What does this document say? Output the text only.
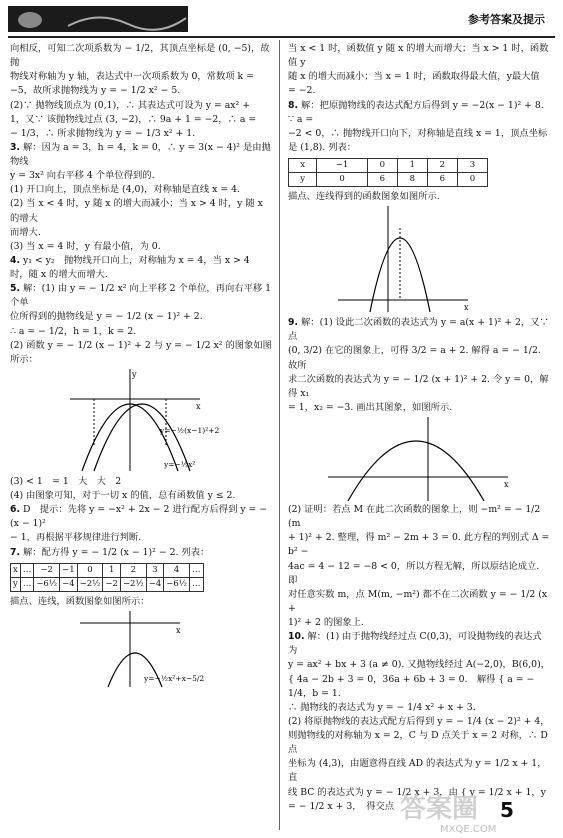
参考答案及提示

向相反，可知二次项系数为 − 1/2，其顶点坐标是 (0, −5)，故抛

物线对称轴为 y 轴，表达式中一次项系数为 0，常数项 k =

−5，故所求抛物线为 y = − 1/2 x² − 5.

(2)∵ 抛物线顶点为 (0,1)，∴ 其表达式可设为 y = ax² +

1，又∵ 该抛物线过点 (3, −2)，∴ 9a + 1 = −2，∴ a =

− 1/3，∴ 所求抛物线为 y = − 1/3 x² + 1.

3. 解：因为 a = 3，h = 4，k = 0，∴ y = 3(x − 4)² 是由抛物线

y = 3x² 向右平移 4 个单位得到的.

(1) 开口向上，顶点坐标是 (4,0)，对称轴是直线 x = 4.

(2) 当 x < 4 时，y 随 x 的增大而减小；当 x > 4 时，y 随 x 的增大

而增大.

(3) 当 x = 4 时，y 有最小值，为 0.

4. y₁ < y₂　抛物线开口向上，对称轴为 x = 4，当 x > 4

时，随 x 的增大而增大.

5. 解：(1) 由 y = − 1/2 x² 向上平移 2 个单位，再向右平移 1 个单

位所得到的抛物线是 y = − 1/2 (x − 1)² + 2.

∴ a = − 1/2，h = 1，k = 2.

(2) 函数 y = − 1/2 (x − 1)² + 2 与 y = − 1/2 x² 的图象如图

所示：

y
x
y=−½(x−1)²+2
y=−½x²

(3) < 1　= 1　大　大　2

(4) 由图象可知，对于一切 x 的值，总有函数值 y ≤ 2.

6. D　提示：先将 y = −x² + 2x − 2 进行配方后得到 y = −(x − 1)²

− 1，再根据平移规律进行判断.

7. 解：配方得 y = − 1/2 (x − 1)² − 2. 列表：

x	…	−2	−1	0	1	2	3	4	…
y	…	−6½	−4	−2½	−2	−2½	−4	−6½	…

描点、连线，函数图象如图所示：

x
y=−½x²+x−5/2

当 x < 1 时，函数值 y 随 x 的增大而增大；当 x > 1 时，函数值 y

随 x 的增大而减小；当 x = 1 时，函数取得最大值，y最大值 = −2.

8. 解：把原抛物线的表达式配方后得到 y = −2(x − 1)² + 8. ∵ a =

−2 < 0，∴ 抛物线开口向下，对称轴是直线 x = 1，顶点坐标

是 (1,8). 列表：

x	−1	0	1	2	3
y	0	6	8	6	0

描点、连线得到的函数图象如图所示.

x

9. 解：(1) 设此二次函数的表达式为 y = a(x + 1)² + 2，又∵ 点

(0, 3/2) 在它的图象上，可得 3/2 = a + 2. 解得 a = − 1/2. 故所

求二次函数的表达式为 y = − 1/2 (x + 1)² + 2. 令 y = 0，解得 x₁

= 1，x₂ = −3. 画出其图象，如图所示.

x

(2) 证明：若点 M 在此二次函数的图象上，则 −m² = − 1/2 (m

+ 1)² + 2. 整理，得 m² − 2m + 3 = 0. 此方程的判别式 Δ = b² −

4ac = 4 − 12 = −8 < 0，所以方程无解，所以原结论成立. 即

对任意实数 m，点 M(m, −m²) 都不在二次函数 y = − 1/2 (x +

1)² + 2 的图象上.

10. 解：(1) 由于抛物线经过点 C(0,3)，可设抛物线的表达式为

y = ax² + bx + 3 (a ≠ 0). 又抛物线经过 A(−2,0)，B(6,0)，

{ 4a − 2b + 3 = 0，36a + 6b + 3 = 0.　解得 { a = − 1/4，b = 1.

∴ 抛物线的表达式为 y = − 1/4 x² + x + 3.

(2) 将原抛物线的表达式配方后得到 y = − 1/4 (x − 2)² + 4，

则抛物线的对称轴为 x = 2，C 与 D 点关于 x = 2 对称，∴ D 点

坐标为 (4,3)，由题意得直线 AD 的表达式为 y = 1/2 x + 1，直

线 BC 的表达式为 y = − 1/2 x + 3，由 { y = 1/2 x + 1，y = − 1/2 x + 3，　得交点 答案圈
MXQE.COM
5
